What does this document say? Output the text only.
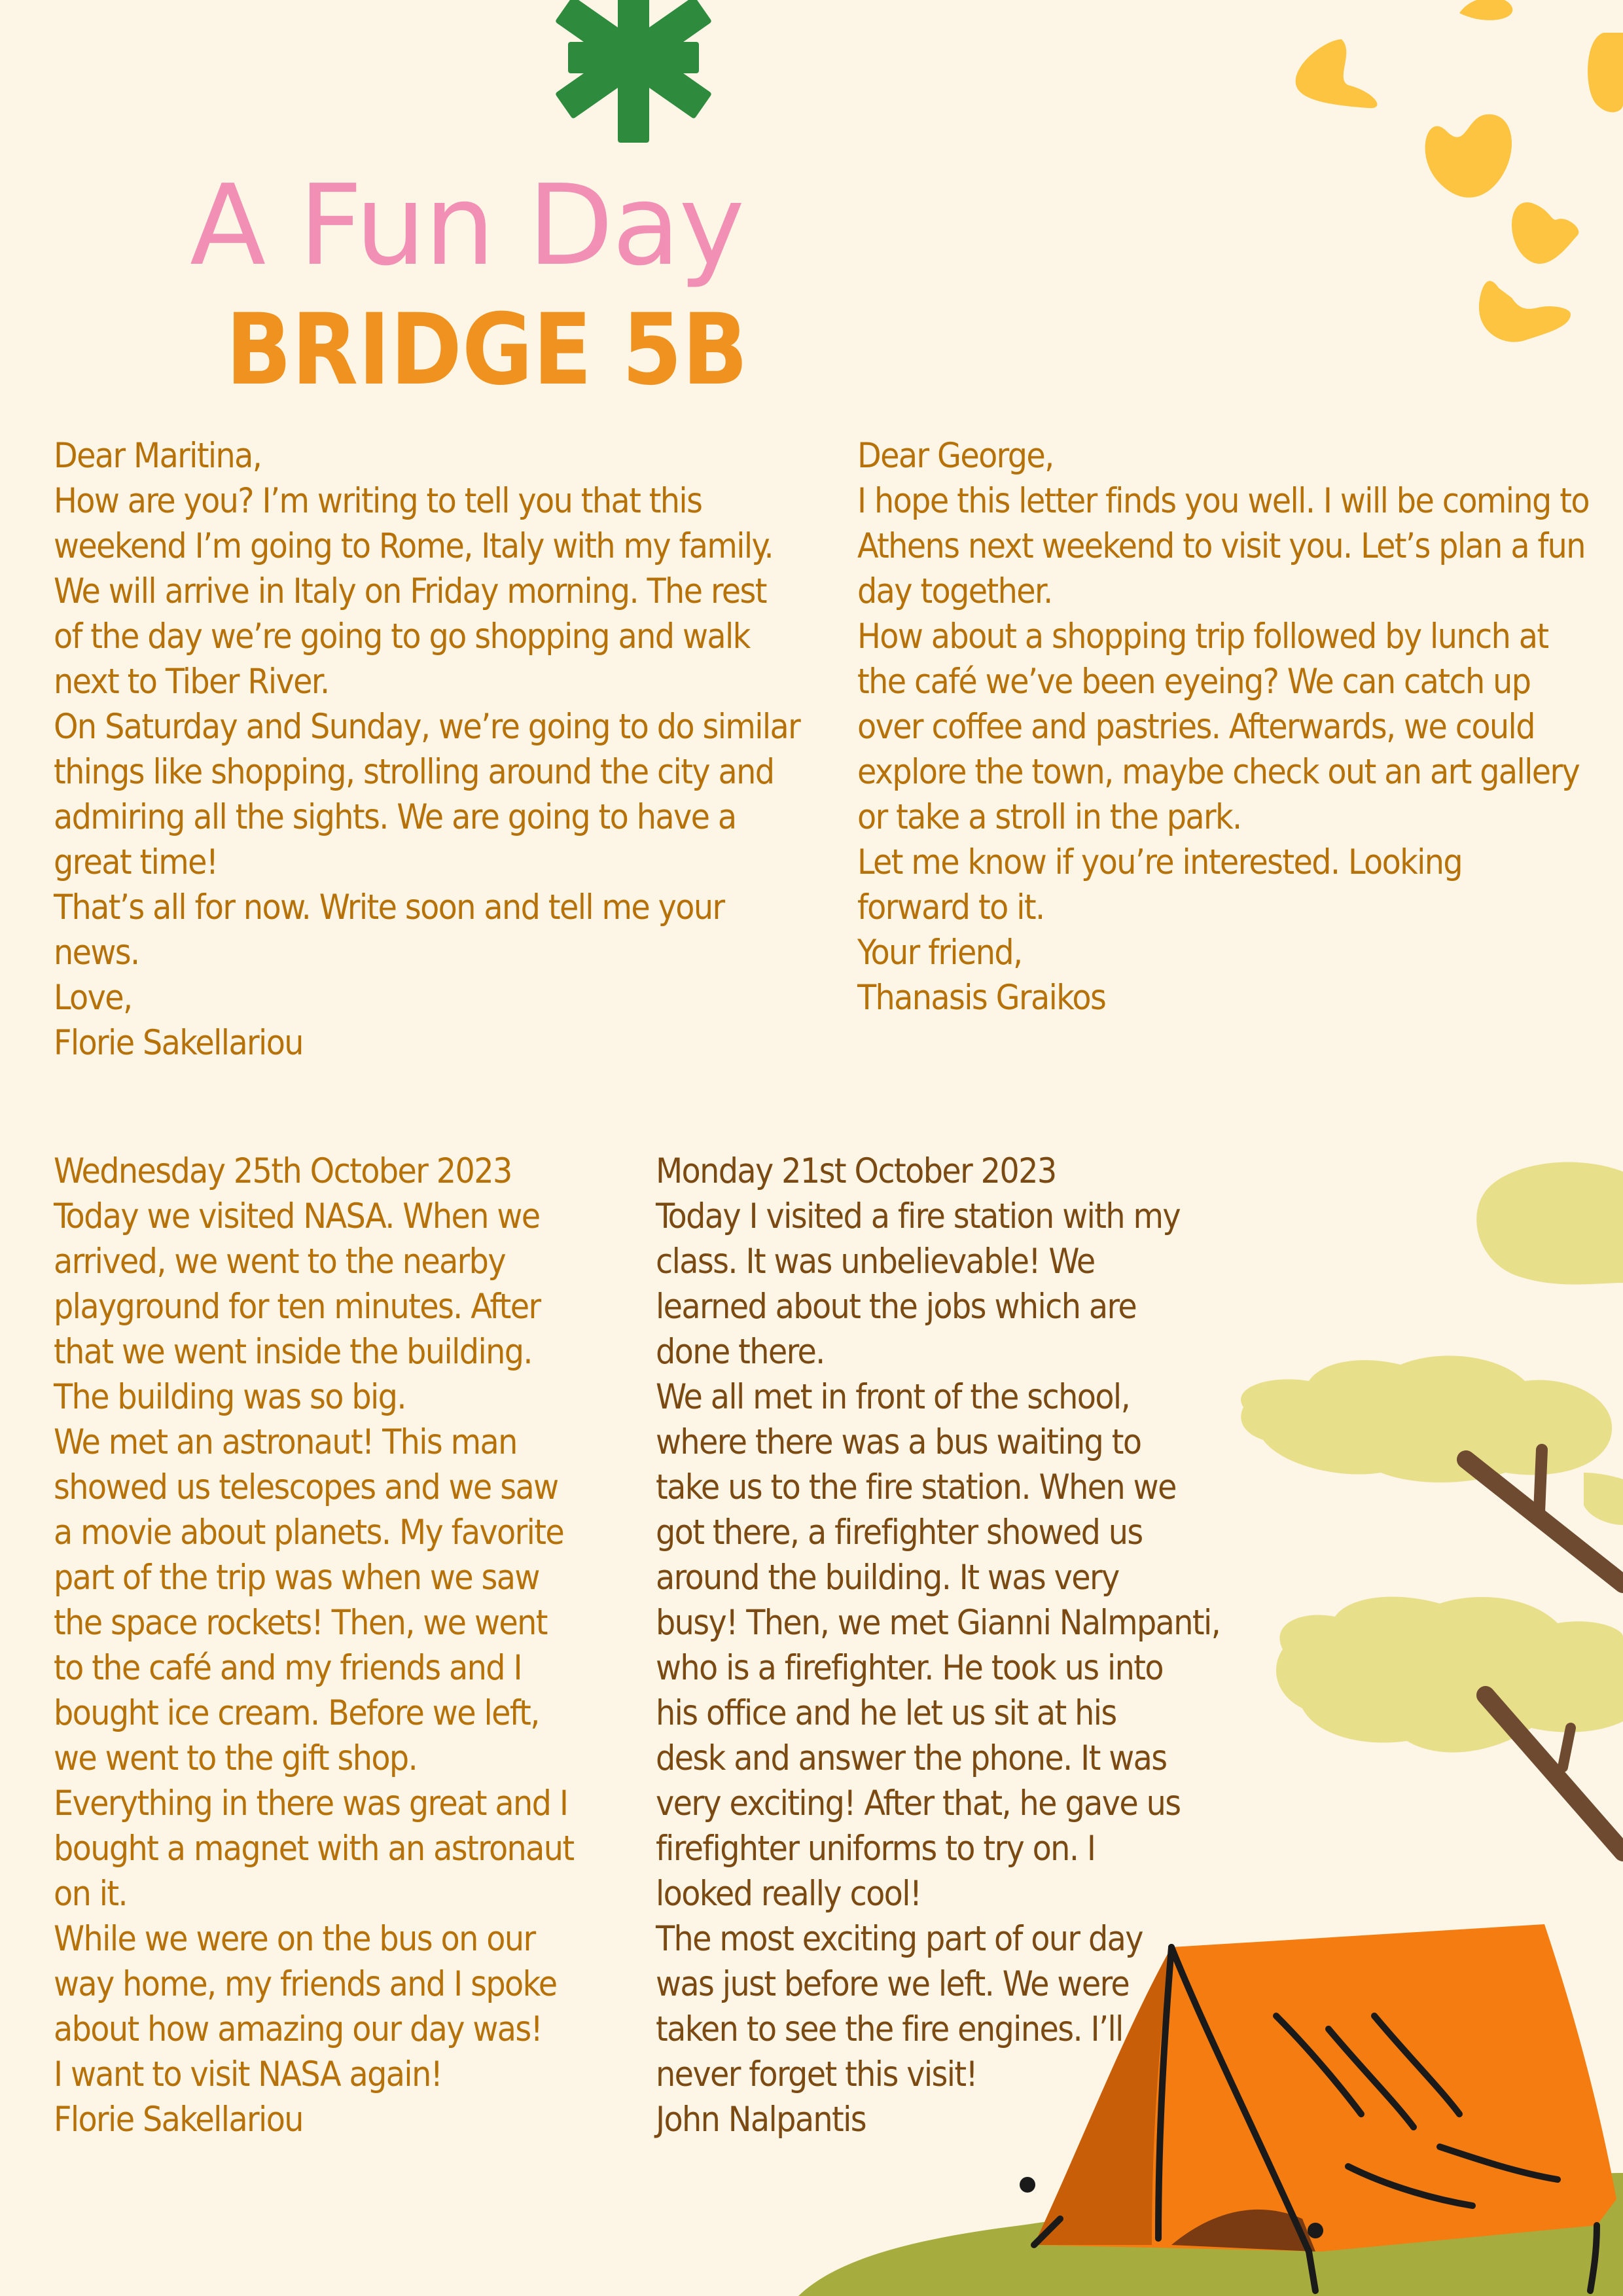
A Fun Day
BRIDGE 5B

Dear Maritina,

How are you? I’m writing to tell you that this

weekend I’m going to Rome, Italy with my family.

We will arrive in Italy on Friday morning. The rest

of the day we’re going to go shopping and walk

next to Tiber River.

On Saturday and Sunday, we’re going to do similar

things like shopping, strolling around the city and

admiring all the sights. We are going to have a

great time!

That’s all for now. Write soon and tell me your

news.

Love,

Florie Sakellariou

Dear George,

I hope this letter finds you well. I will be coming to

Athens next weekend to visit you. Let’s plan a fun

day together.

How about a shopping trip followed by lunch at

the café we’ve been eyeing? We can catch up

over coffee and pastries. Afterwards, we could

explore the town, maybe check out an art gallery

or take a stroll in the park.

Let me know if you’re interested. Looking

forward to it.

Your friend,

Thanasis Graikos

Wednesday 25th October 2023

Today we visited NASA. When we

arrived, we went to the nearby

playground for ten minutes. After

that we went inside the building.

The building was so big.

We met an astronaut! This man

showed us telescopes and we saw

a movie about planets. My favorite

part of the trip was when we saw

the space rockets! Then, we went

to the café and my friends and I

bought ice cream. Before we left,

we went to the gift shop.

Everything in there was great and I

bought a magnet with an astronaut

on it.

While we were on the bus on our

way home, my friends and I spoke

about how amazing our day was!

I want to visit NASA again!

Florie Sakellariou

Monday 21st October 2023

Today I visited a fire station with my

class. It was unbelievable! We

learned about the jobs which are

done there.

We all met in front of the school,

where there was a bus waiting to

take us to the fire station. When we

got there, a firefighter showed us

around the building. It was very

busy! Then, we met Gianni Nalmpanti,

who is a firefighter. He took us into

his office and he let us sit at his

desk and answer the phone. It was

very exciting! After that, he gave us

firefighter uniforms to try on. I

looked really cool!

The most exciting part of our day

was just before we left. We were

taken to see the fire engines. I’ll

never forget this visit!

John Nalpantis
